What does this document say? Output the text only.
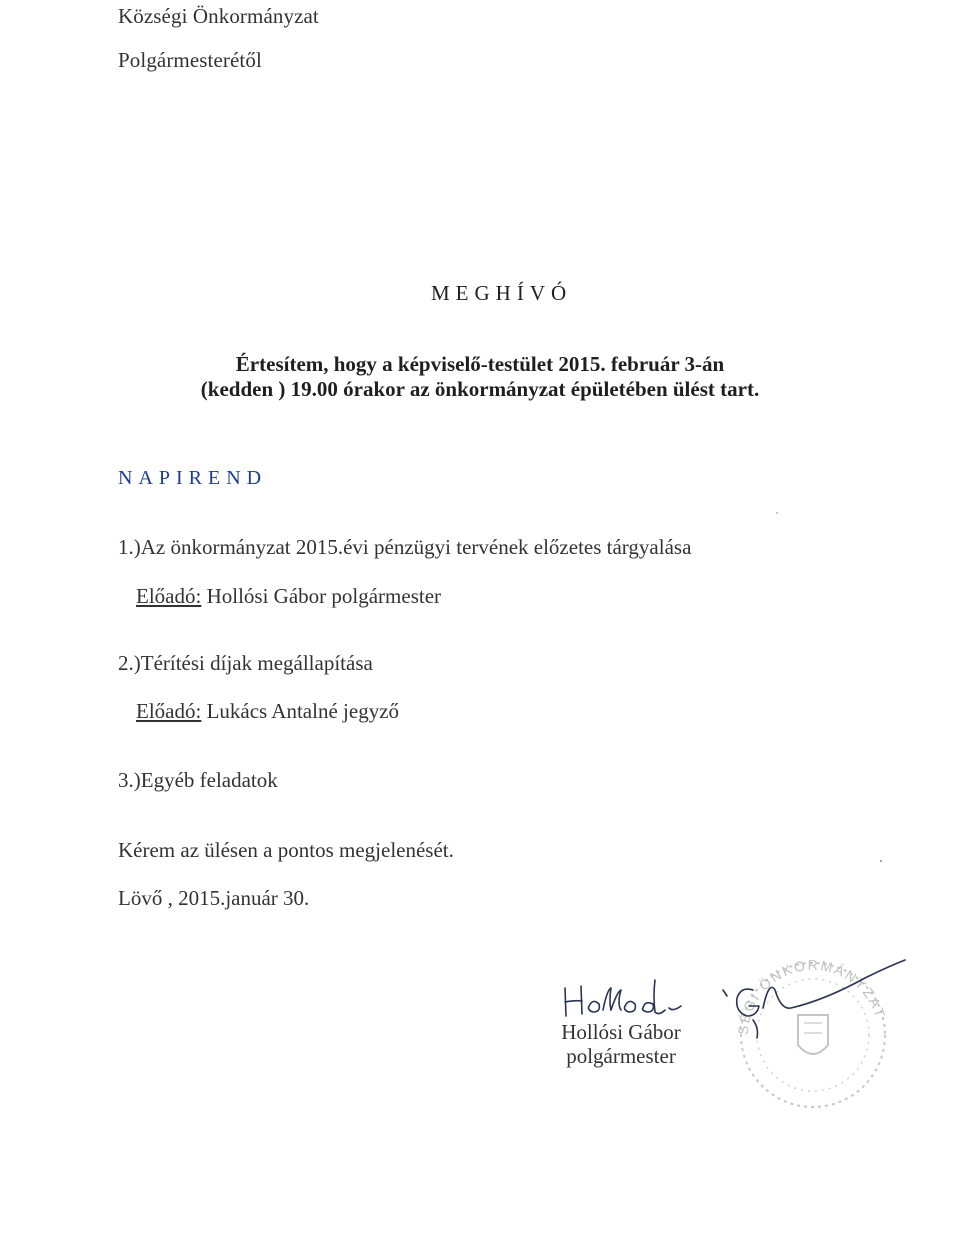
Községi Önkormányzat
Polgármesterétől
MEGHÍVÓ
Értesítem, hogy a képviselő-testület 2015. február 3-án
(kedden ) 19.00 órakor az önkormányzat épületében ülést tart.
NAPIREND
1.)Az önkormányzat 2015.évi pénzügyi tervének előzetes tárgyalása
Előadó: Hollósi Gábor polgármester
2.)Térítési díjak megállapítása
Előadó: Lukács Antalné jegyző
3.)Egyéb feladatok
Kérem az ülésen a pontos megjelenését.
Lövő , 2015.január 30.
SÉGI ÖNKORMÁNYZAT
Hollósi Gábor
polgármester
